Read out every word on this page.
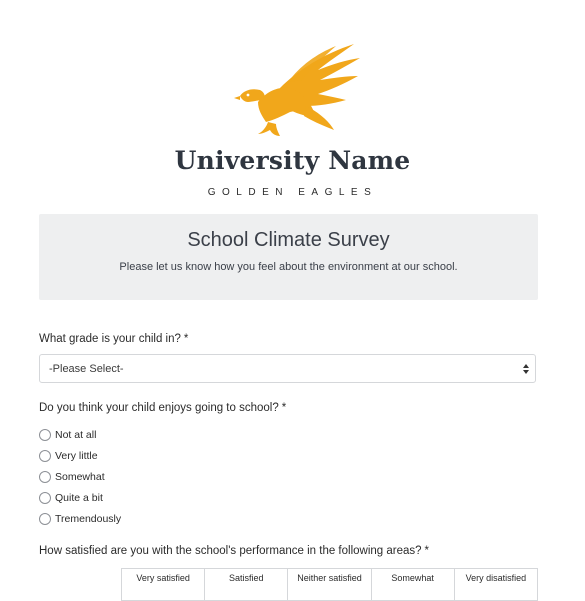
University Name
GOLDEN EAGLES
School Climate Survey
Please let us know how you feel about the environment at our school.
What grade is your child in? *
-Please Select-
Do you think your child enjoys going to school? *
Not at all
Very little
Somewhat
Quite a bit
Tremendously
How satisfied are you with the school's performance in the following areas? *
Very satisfied	Satisfied	Neither satisfied	Somewhat	Very disatisfied
